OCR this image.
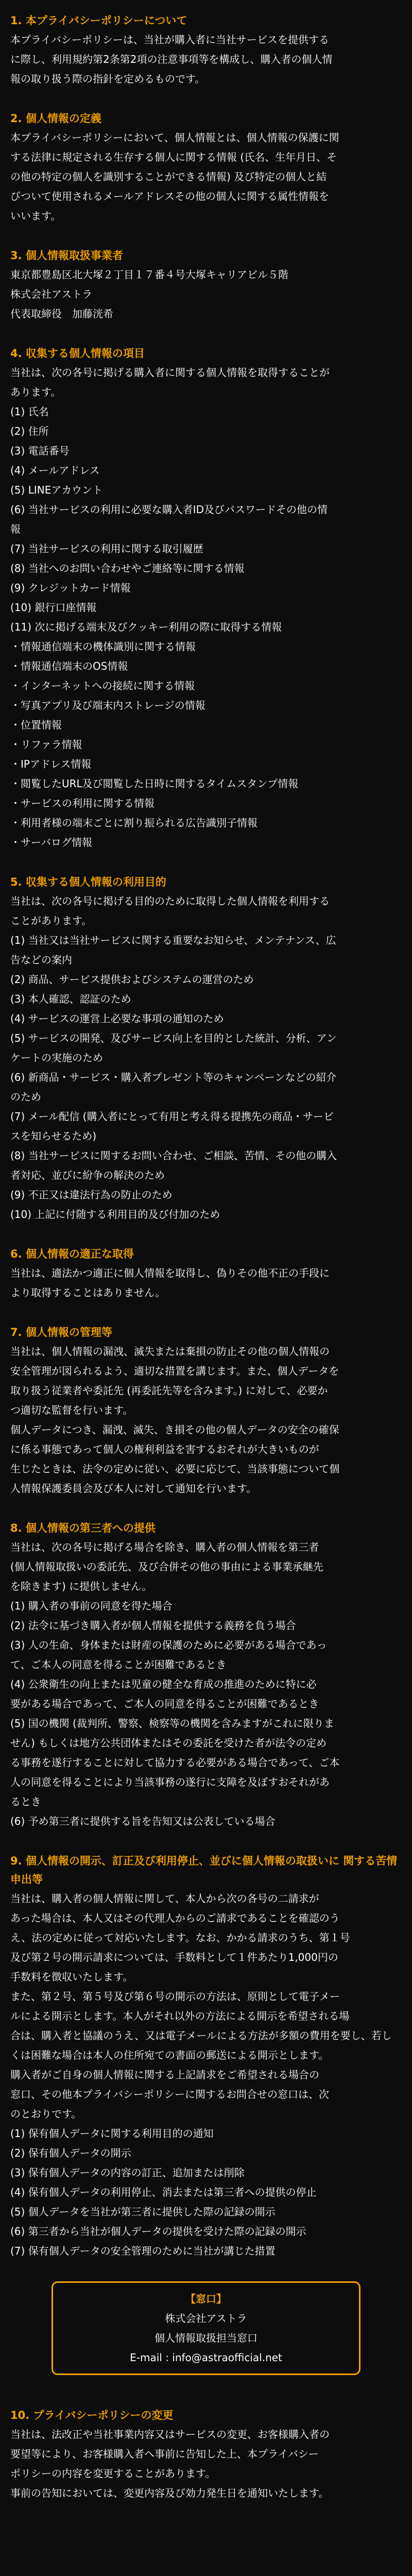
1. 本プライバシーポリシーについて

本プライバシーポリシーは、当社が購入者に当社サービスを提供する
に際し、利用規約第2条第2項の注意事項等を構成し、購入者の個人情
報の取り扱う際の指針を定めるものです。

2. 個人情報の定義

本プライバシーポリシーにおいて、個人情報とは、個人情報の保護に関
する法律に規定される生存する個人に関する情報 (氏名、生年月日、そ
の他の特定の個人を識別することができる情報) 及び特定の個人と結
びついて使用されるメールアドレスその他の個人に関する属性情報を
いいます。

3. 個人情報取扱事業者

東京都豊島区北大塚２丁目１７番４号大塚キャリアビル５階
株式会社アストラ
代表取締役　加藤洸希

4. 収集する個人情報の項目

当社は、次の各号に掲げる購入者に関する個人情報を取得することが
あります。

(1) 氏名
(2) 住所
(3) 電話番号
(4) メールアドレス
(5) LINEアカウント
(6) 当社サービスの利用に必要な購入者ID及びパスワードその他の情
報
(7) 当社サービスの利用に関する取引履歴
(8) 当社へのお問い合わせやご連絡等に関する情報
(9) クレジットカード情報
(10) 銀行口座情報
(11) 次に掲げる端末及びクッキー利用の際に取得する情報
・情報通信端末の機体識別に関する情報
・情報通信端末のOS情報
・インターネットへの接続に関する情報
・写真アプリ及び端末内ストレージの情報
・位置情報
・リファラ情報
・IPアドレス情報
・閲覧したURL及び閲覧した日時に関するタイムスタンプ情報
・サービスの利用に関する情報
・利用者様の端末ごとに割り振られる広告識別子情報
・サーバログ情報
5. 収集する個人情報の利用目的

当社は、次の各号に掲げる目的のために取得した個人情報を利用する
ことがあります。

(1) 当社又は当社サービスに関する重要なお知らせ、メンテナンス、広
告などの案内
(2) 商品、サービス提供およびシステムの運営のため
(3) 本人確認、認証のため
(4) サービスの運営上必要な事項の通知のため
(5) サービスの開発、及びサービス向上を目的とした統計、分析、アン
ケートの実施のため
(6) 新商品・サービス・購入者プレゼント等のキャンペーンなどの紹介
のため
(7) メール配信 (購入者にとって有用と考え得る提携先の商品・サービ
スを知らせるため)
(8) 当社サービスに関するお問い合わせ、ご相談、苦情、その他の購入
者対応、並びに紛争の解決のため
(9) 不正又は違法行為の防止のため
(10) 上記に付随する利用目的及び付加のため
6. 個人情報の適正な取得

当社は、適法かつ適正に個人情報を取得し、偽りその他不正の手段に
より取得することはありません。

7. 個人情報の管理等

当社は、個人情報の漏洩、滅失または棄損の防止その他の個人情報の
安全管理が図られるよう、適切な措置を講じます。また、個人データを
取り扱う従業者や委託先 (再委託先等を含みます。) に対して、必要か
つ適切な監督を行います。

個人データにつき、漏洩、滅失、き損その他の個人データの安全の確保
に係る事態であって個人の権利利益を害するおそれが大きいものが
生じたときは、法令の定めに従い、必要に応じて、当該事態について個
人情報保護委員会及び本人に対して通知を行います。

8. 個人情報の第三者への提供

当社は、次の各号に掲げる場合を除き、購入者の個人情報を第三者
(個人情報取扱いの委託先、及び合併その他の事由による事業承継先
を除きます) に提供しません。

(1) 購入者の事前の同意を得た場合
(2) 法令に基づき購入者が個人情報を提供する義務を負う場合
(3) 人の生命、身体または財産の保護のために必要がある場合であっ
て、ご本人の同意を得ることが困難であるとき
(4) 公衆衛生の向上または児童の健全な育成の推進のために特に必
要がある場合であって、ご本人の同意を得ることが困難であるとき
(5) 国の機関 (裁判所、警察、検察等の機関を含みますがこれに限りま
せん) もしくは地方公共団体またはその委託を受けた者が法令の定め
る事務を遂行することに対して協力する必要がある場合であって、ご本
人の同意を得ることにより当該事務の遂行に支障を及ぼすおそれがあ
るとき
(6) 予め第三者に提供する旨を告知又は公表している場合
9. 個人情報の開示、訂正及び利用停止、並びに個人情報の取扱いに 関する苦情申出等

当社は、購入者の個人情報に関して、本人から次の各号の二請求が
あった場合は、本人又はその代理人からのご請求であることを確認のう
え、法の定めに従って対応いたします。なお、かかる請求のうち、第１号
及び第２号の開示請求については、手数料として１件あたり1,000円の
手数料を徴収いたします。

また、第２号、第５号及び第６号の開示の方法は、原則として電子メー
ルによる開示とします。本人がそれ以外の方法による開示を希望される場
合は、購入者と協議のうえ、又は電子メールによる方法が多額の費用を要し、若しくは困難な場合は本人の住所宛ての書面の郵送による開示とします。

購入者がご自身の個人情報に関する上記請求をご希望される場合の
窓口、その他本プライバシーポリシーに関するお問合せの窓口は、次
のとおりです。

(1) 保有個人データに関する利用目的の通知
(2) 保有個人データの開示
(3) 保有個人データの内容の訂正、追加または削除
(4) 保有個人データの利用停止、消去または第三者への提供の停止
(5) 個人データを当社が第三者に提供した際の記録の開示
(6) 第三者から当社が個人データの提供を受けた際の記録の開示
(7) 保有個人データの安全管理のために当社が講じた措置

【窓口】

株式会社アストラ

個人情報取扱担当窓口

E-mail : info@astraofficial.net

10. プライバシーポリシーの変更

当社は、法改正や当社事業内容又はサービスの変更、お客様購入者の
要望等により、お客様購入者へ事前に告知した上、本プライバシー
ポリシーの内容を変更することがあります。
事前の告知においては、変更内容及び効力発生日を通知いたします。
